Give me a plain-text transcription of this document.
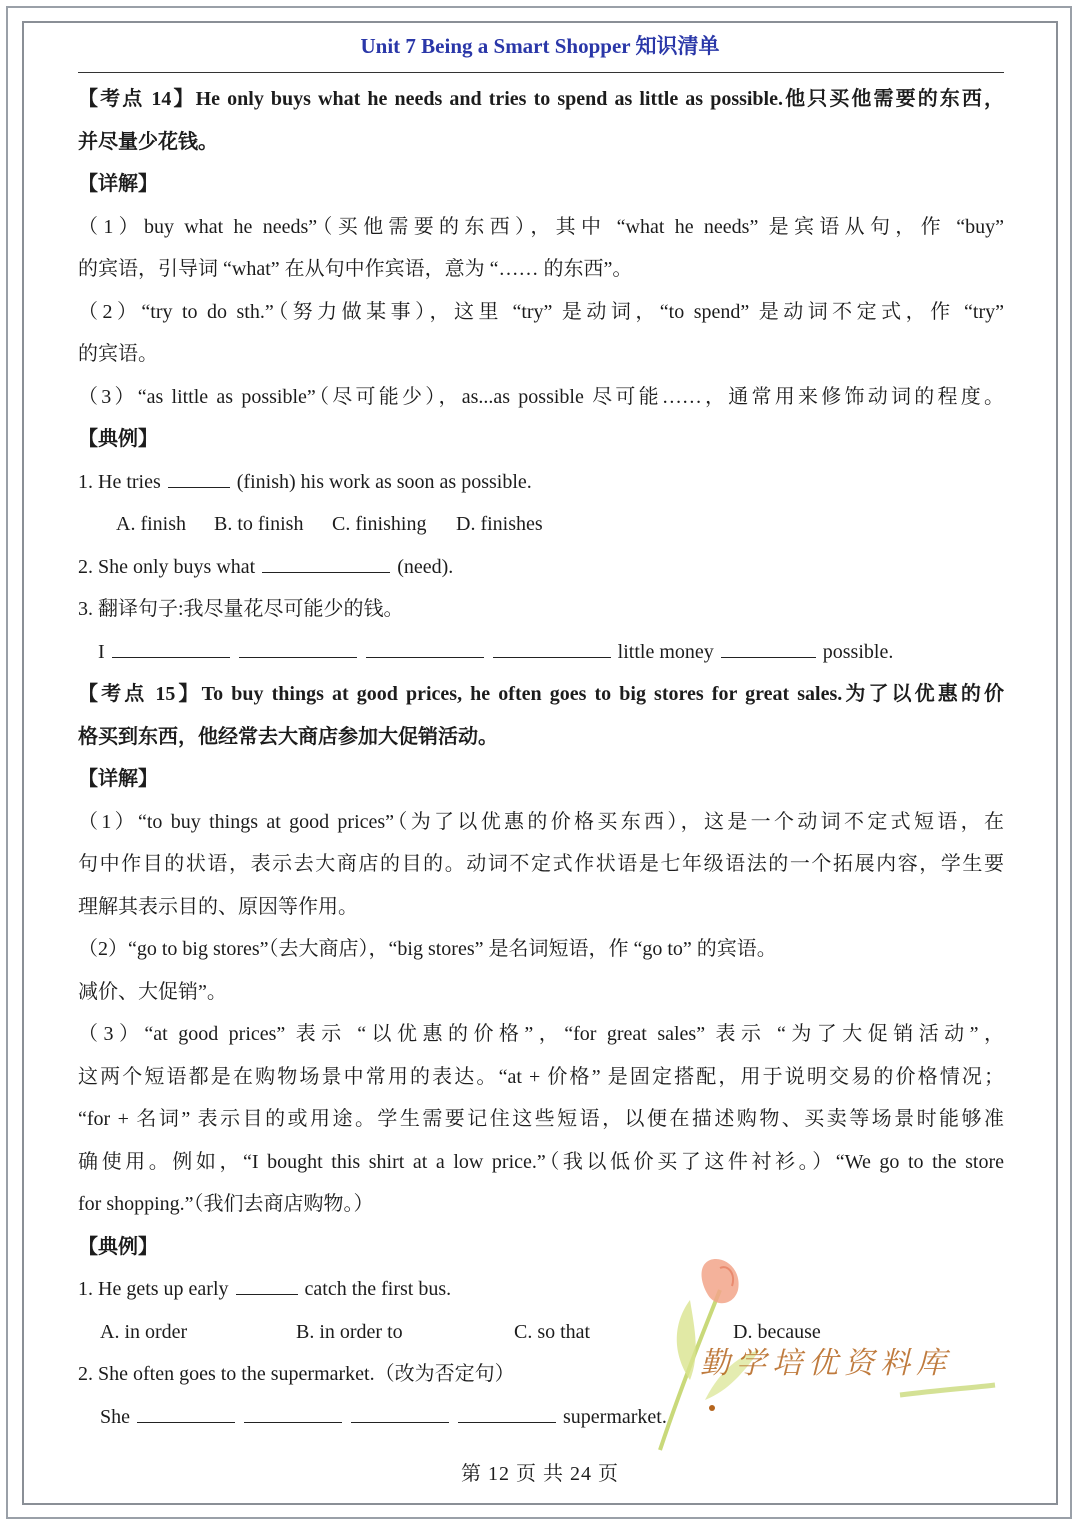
Unit 7 Being a Smart Shopper 知识清单
【考点 14】He only buys what he needs and tries to spend as little as possible.他只买他需要的东西，
并尽量少花钱。
【详解】
（1）buy what he needs”（买他需要的东西），其中 “what he needs” 是宾语从句，作 “buy”
的宾语，引导词 “what” 在从句中作宾语，意为 “…… 的东西”。
（2）“try to do sth.”（努力做某事），这里 “try” 是动词，“to spend” 是动词不定式，作 “try”
的宾语。
（3）“as little as possible”（尽可能少），as...as possible 尽可能……，通常用来修饰动词的程度。
【典例】
1. He tries	(finish) his work as soon as possible.
A. finish B. to finish C. finishing D. finishes
2. She only buys what	(need).
3. 翻译句子:我尽量花尽可能少的钱。
I	little money	possible.
【考点 15】To buy things at good prices, he often goes to big stores for great sales.为了以优惠的价
格买到东西，他经常去大商店参加大促销活动。
【详解】
（1）“to buy things at good prices”（为了以优惠的价格买东西），这是一个动词不定式短语，在
句中作目的状语，表示去大商店的目的。动词不定式作状语是七年级语法的一个拓展内容，学生要
理解其表示目的、原因等作用。
（2）“go to big stores”（去大商店），“big stores” 是名词短语，作 “go to” 的宾语。
减价、大促销”。
（3）“at good prices” 表示 “以优惠的价格”，“for great sales” 表示 “为了大促销活动”，
这两个短语都是在购物场景中常用的表达。“at + 价格” 是固定搭配，用于说明交易的价格情况；
“for + 名词” 表示目的或用途。学生需要记住这些短语，以便在描述购物、买卖等场景时能够准
确使用。例如，“I bought this shirt at a low price.”（我以低价买了这件衬衫。）“We go to the store
for shopping.”（我们去商店购物。）
【典例】
1. He gets up early	catch the first bus.
A. in order	B. in order to	C. so that	D. because
2. She often goes to the supermarket.（改为否定句）
She	supermarket.
勤学培优资料库
第 12 页 共 24 页
